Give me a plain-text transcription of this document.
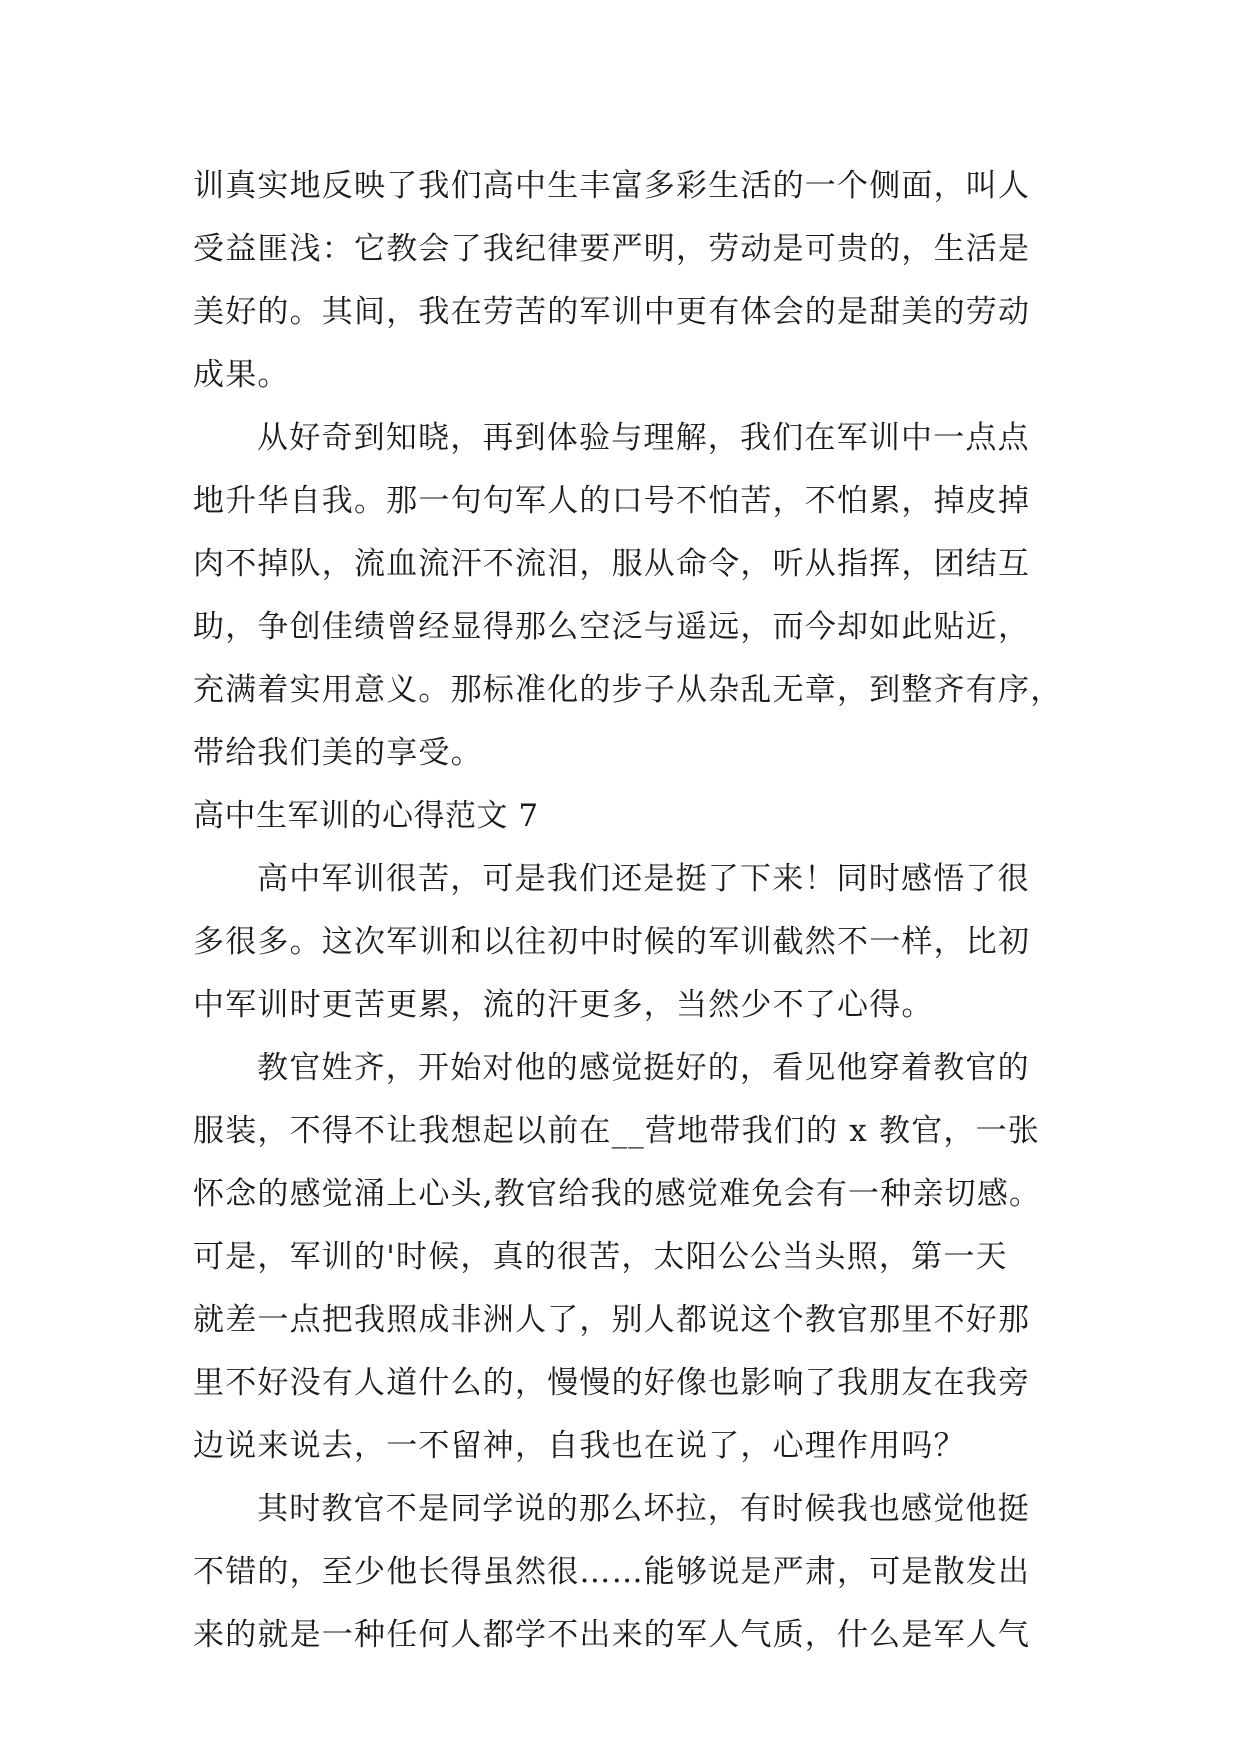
训真实地反映了我们高中生丰富多彩生活的一个侧面，叫人
受益匪浅：它教会了我纪律要严明，劳动是可贵的，生活是
美好的。其间，我在劳苦的军训中更有体会的是甜美的劳动
成果。
从好奇到知晓，再到体验与理解，我们在军训中一点点
地升华自我。那一句句军人的口号不怕苦，不怕累，掉皮掉
肉不掉队，流血流汗不流泪，服从命令，听从指挥，团结互
助，争创佳绩曾经显得那么空泛与遥远，而今却如此贴近，
充满着实用意义。那标准化的步子从杂乱无章，到整齐有序，
带给我们美的享受。
高中生军训的心得范文 7
高中军训很苦，可是我们还是挺了下来！同时感悟了很
多很多。这次军训和以往初中时候的军训截然不一样，比初
中军训时更苦更累，流的汗更多，当然少不了心得。
教官姓齐，开始对他的感觉挺好的，看见他穿着教官的
服装，不得不让我想起以前在__营地带我们的 x 教官，一张
怀念的感觉涌上心头,教官给我的感觉难免会有一种亲切感。
可是，军训的'时候，真的很苦，太阳公公当头照，第一天
就差一点把我照成非洲人了，别人都说这个教官那里不好那
里不好没有人道什么的，慢慢的好像也影响了我朋友在我旁
边说来说去，一不留神，自我也在说了，心理作用吗？
其时教官不是同学说的那么坏拉，有时候我也感觉他挺
不错的，至少他长得虽然很……能够说是严肃，可是散发出
来的就是一种任何人都学不出来的军人气质，什么是军人气
